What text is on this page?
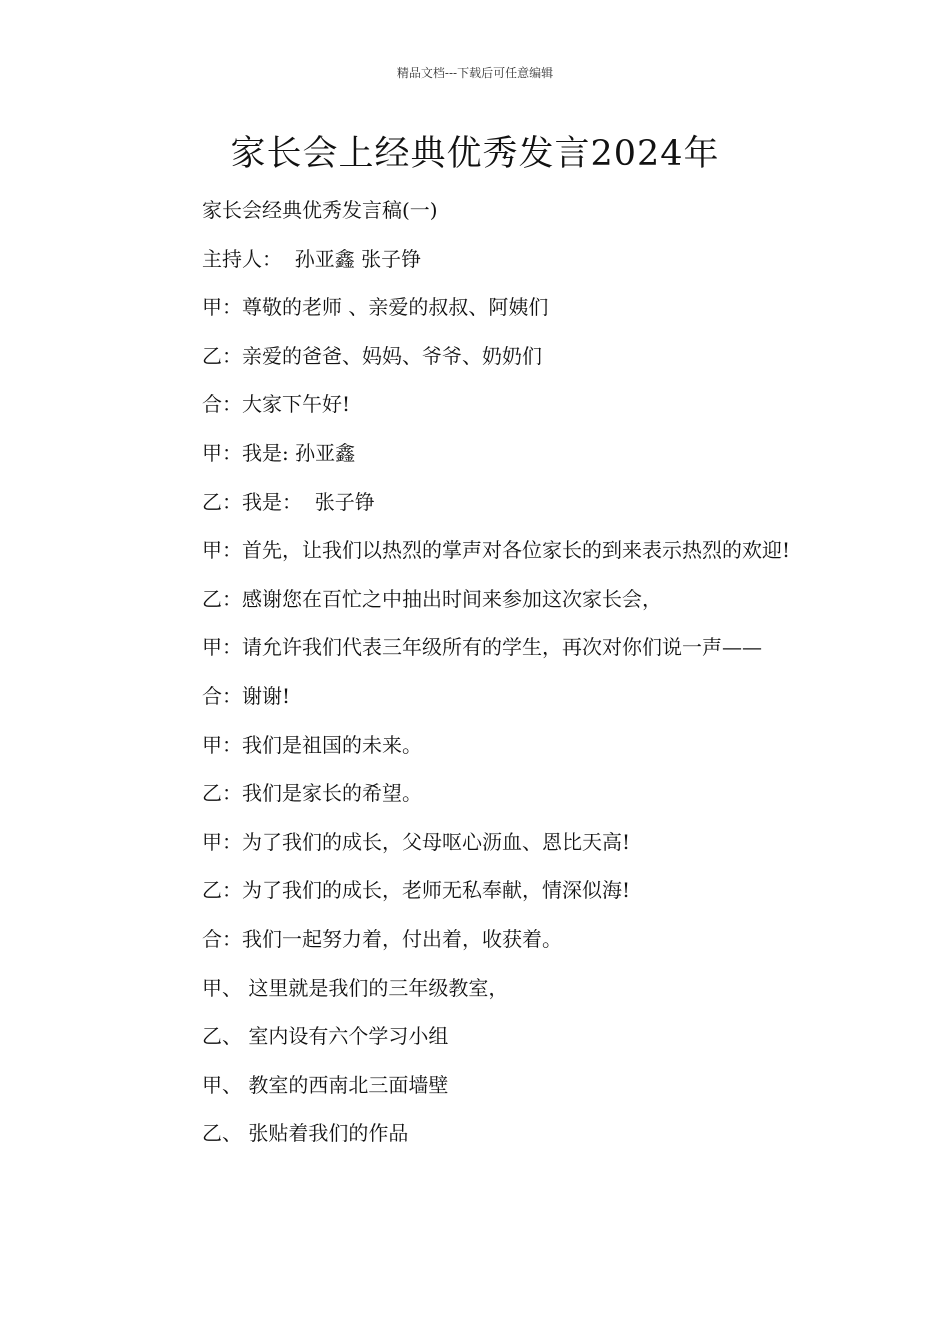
精品文档---下载后可任意编辑
家长会上经典优秀发言2024年

家长会经典优秀发言稿(一)

主持人：  孙亚鑫 张子铮

甲：尊敬的老师 、亲爱的叔叔、阿姨们

乙：亲爱的爸爸、妈妈、爷爷、奶奶们

合：大家下午好!

甲：我是: 孙亚鑫

乙：我是：  张子铮

甲：首先，让我们以热烈的掌声对各位家长的到来表示热烈的欢迎!

乙：感谢您在百忙之中抽出时间来参加这次家长会，

甲：请允许我们代表三年级所有的学生，再次对你们说一声——

合：谢谢!

甲：我们是祖国的未来。

乙：我们是家长的希望。

甲：为了我们的成长，父母呕心沥血、恩比天高!

乙：为了我们的成长，老师无私奉献，情深似海!

合：我们一起努力着，付出着，收获着。

甲、 这里就是我们的三年级教室，

乙、 室内设有六个学习小组

甲、 教室的西南北三面墙壁

乙、 张贴着我们的作品
